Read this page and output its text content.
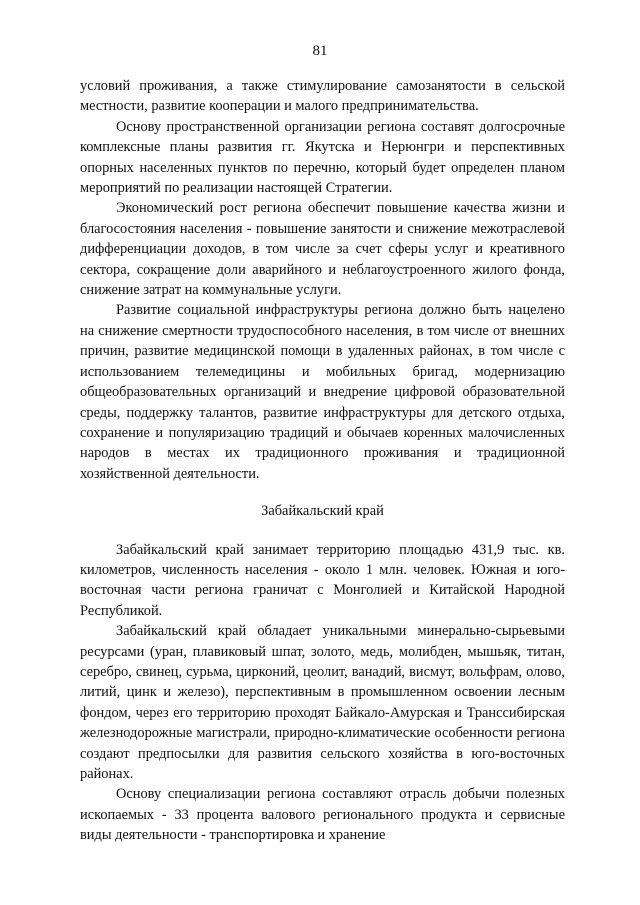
81

условий проживания, а также стимулирование самозанятости в сельской местности, развитие кооперации и малого предпринимательства.

Основу пространственной организации региона составят долгосрочные комплексные планы развития гг. Якутска и Нерюнгри и перспективных опорных населенных пунктов по перечню, который будет определен планом мероприятий по реализации настоящей Стратегии.

Экономический рост региона обеспечит повышение качества жизни и благосостояния населения - повышение занятости и снижение межотраслевой дифференциации доходов, в том числе за счет сферы услуг и креативного сектора, сокращение доли аварийного и неблагоустроенного жилого фонда, снижение затрат на коммунальные услуги.

Развитие социальной инфраструктуры региона должно быть нацелено на снижение смертности трудоспособного населения, в том числе от внешних причин, развитие медицинской помощи в удаленных районах, в том числе с использованием телемедицины и мобильных бригад, модернизацию общеобразовательных организаций и внедрение цифровой образовательной среды, поддержку талантов, развитие инфраструктуры для детского отдыха, сохранение и популяризацию традиций и обычаев коренных малочисленных народов в местах их традиционного проживания и традиционной хозяйственной деятельности.

Забайкальский край

Забайкальский край занимает территорию площадью 431,9 тыс. кв. километров, численность населения - около 1 млн. человек. Южная и юго-восточная части региона граничат с Монголией и Китайской Народной Республикой.

Забайкальский край обладает уникальными минерально-сырьевыми ресурсами (уран, плавиковый шпат, золото, медь, молибден, мышьяк, титан, серебро, свинец, сурьма, цирконий, цеолит, ванадий, висмут, вольфрам, олово, литий, цинк и железо), перспективным в промышленном освоении лесным фондом, через его территорию проходят Байкало-Амурская и Транссибирская железнодорожные магистрали, природно-климатические особенности региона создают предпосылки для развития сельского хозяйства в юго-восточных районах.

Основу специализации региона составляют отрасль добычи полезных ископаемых - 33 процента валового регионального продукта и сервисные виды деятельности - транспортировка и хранение
